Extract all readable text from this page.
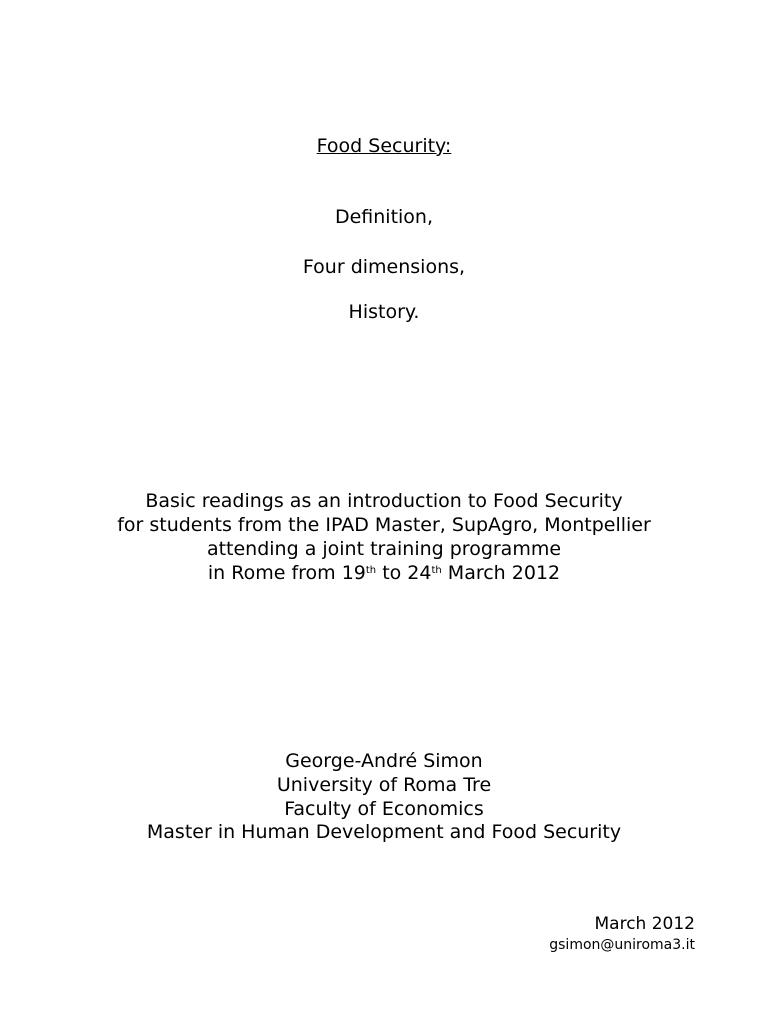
Food Security:
Definition,
Four dimensions,
History.
Basic readings as an introduction to Food Security
for students from the IPAD Master, SupAgro, Montpellier
attending a joint training programme
in Rome from 19th to 24th March 2012
George-André Simon
University of Roma Tre
Faculty of Economics
Master in Human Development and Food Security
March 2012
gsimon@uniroma3.it
